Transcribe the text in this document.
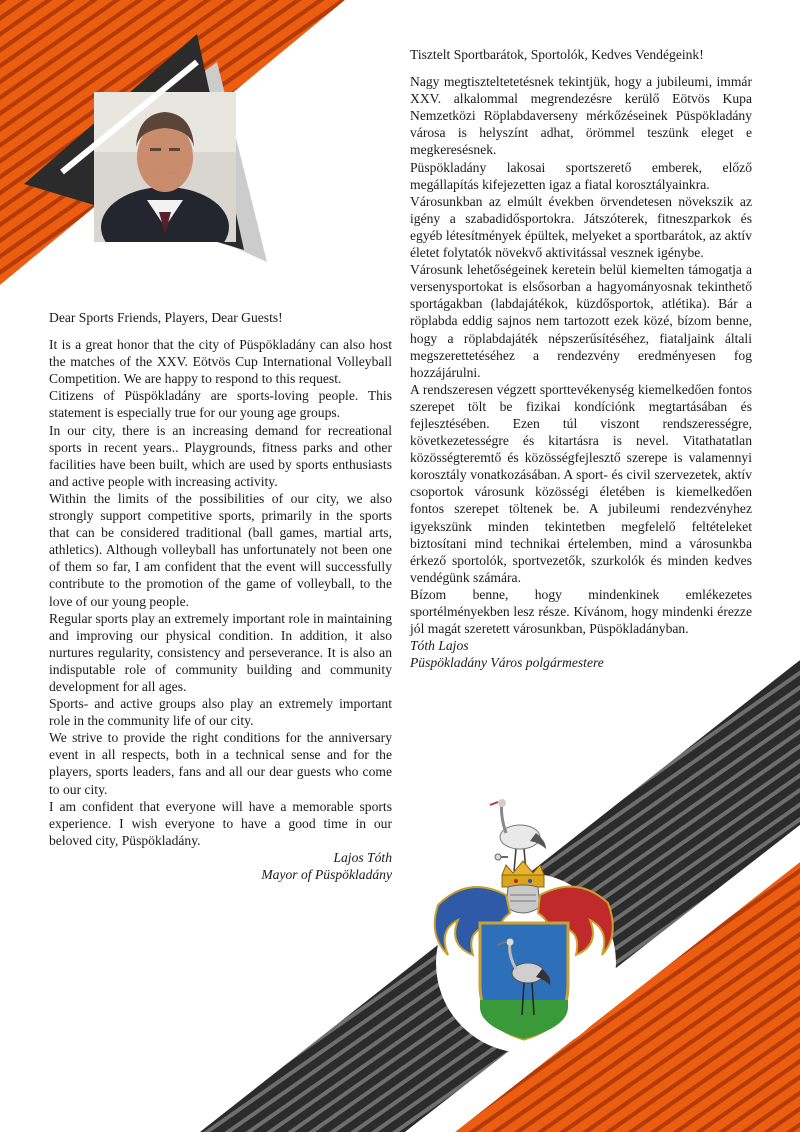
Dear Sports Friends, Players, Dear Guests!

It is a great honor that the city of Püspökladány can also host the matches of the XXV. Eötvös Cup International Volleyball Competition. We are happy to respond to this request.

Citizens of Püspökladány are sports-loving people. This statement is especially true for our young age groups.

In our city, there is an increasing demand for recreational sports in recent years.. Playgrounds, fitness parks and other facilities have been built, which are used by sports enthusiasts and active people with increasing activity.

Within the limits of the possibilities of our city, we also strongly support competitive sports, primarily in the sports that can be considered traditional (ball games, martial arts, athletics). Although volleyball has unfortunately not been one of them so far, I am confident that the event will successfully contribute to the promotion of the game of volleyball, to the love of our young people.

Regular sports play an extremely important role in maintaining and improving our physical condition. In addition, it also nurtures regularity, consistency and perseverance. It is also an indisputable role of community building and community development for all ages.

Sports- and active groups also play an extremely important role in the community life of our city.

We strive to provide the right conditions for the anniversary event in all respects, both in a technical sense and for the players, sports leaders, fans and all our dear guests who come to our city.

I am confident that everyone will have a memorable sports experience. I wish everyone to have a good time in our beloved city, Püspökladány.

Lajos Tóth

Mayor of Püspökladány

Tisztelt Sportbarátok, Sportolók, Kedves Vendégeink!

Nagy megtiszteltetetésnek tekintjük, hogy a jubileumi, immár XXV. alkalommal megrendezésre kerülő Eötvös Kupa Nemzetközi Röplabdaverseny mérkőzéseinek Püspökladány városa is helyszínt adhat, örömmel teszünk eleget e megkeresésnek.

Püspökladány lakosai sportszerető emberek, előző megállapítás kifejezetten igaz a fiatal korosztályainkra.

Városunkban az elmúlt években örvendetesen növekszik az igény a szabadidősportokra. Játszóterek, fitneszparkok és egyéb létesítmények épültek, melyeket a sportbarátok, az aktív életet folytatók növekvő aktivitással vesznek igénybe.

Városunk lehetőségeinek keretein belül kiemelten támogatja a versenysportokat is elsősorban a hagyományosnak tekinthető sportágakban (labdajátékok, küzdősportok, atlétika). Bár a röplabda eddig sajnos nem tartozott ezek közé, bízom benne, hogy a röplabdajáték népszerűsítéséhez, fiataljaink általi megszerettetéséhez a rendezvény eredményesen fog hozzájárulni.

A rendszeresen végzett sporttevékenység kiemelkedően fontos szerepet tölt be fizikai kondíciónk megtartásában és fejlesztésében. Ezen túl viszont rendszerességre, következetességre és kitartásra is nevel. Vitathatatlan közösségteremtő és közösségfejlesztő szerepe is valamennyi korosztály vonatkozásában. A sport- és civil szervezetek, aktív csoportok városunk közösségi életében is kiemelkedően fontos szerepet töltenek be. A jubileumi rendezvényhez igyekszünk minden tekintetben megfelelő feltételeket biztosítani mind technikai értelemben, mind a városunkba érkező sportolók, sportvezetők, szurkolók és minden kedves vendégünk számára.

Bízom benne, hogy mindenkinek emlékezetes sportélményekben lesz része. Kívánom, hogy mindenki érezze jól magát szeretett városunkban, Püspökladányban.

Tóth Lajos

Püspökladány Város polgármestere
